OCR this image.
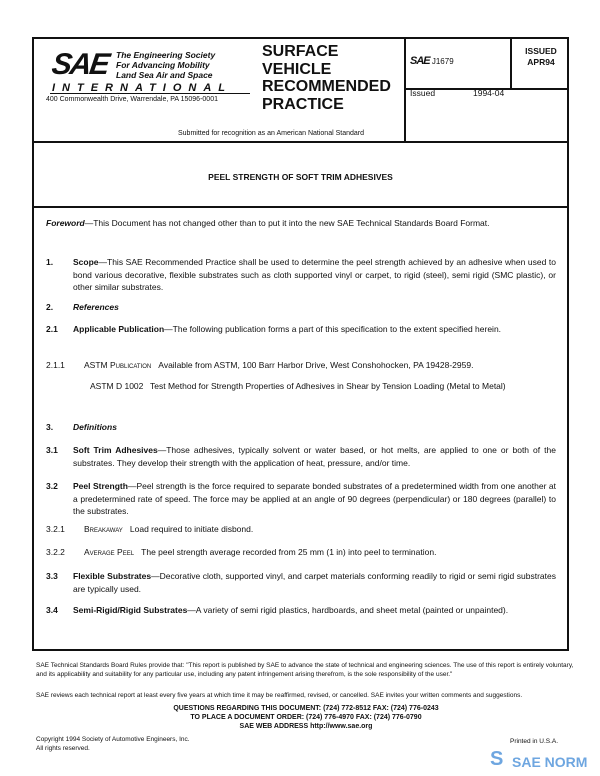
SAE The Engineering Society
For Advancing Mobility
Land Sea Air and Space
INTERNATIONAL
400 Commonwealth Drive, Warrendale, PA 15096-0001
SURFACE
VEHICLE
RECOMMENDED
PRACTICE
Submitted for recognition as an American National Standard
SAE J1679
ISSUED
APR94
Issued	1994-04
PEEL STRENGTH OF SOFT TRIM ADHESIVES
Foreword—This Document has not changed other than to put it into the new SAE Technical Standards Board Format.
1. Scope—This SAE Recommended Practice shall be used to determine the peel strength achieved by an adhesive when used to bond various decorative, flexible substrates such as cloth supported vinyl or carpet, to rigid (steel), semi rigid (SMC plastic), or other similar substrates.
2. References
2.1 Applicable Publication—The following publication forms a part of this specification to the extent specified herein.
2.1.1 ASTM Publication Available from ASTM, 100 Barr Harbor Drive, West Conshohocken, PA 19428-2959.
ASTM D 1002 Test Method for Strength Properties of Adhesives in Shear by Tension Loading (Metal to Metal)
3. Definitions
3.1 Soft Trim Adhesives—Those adhesives, typically solvent or water based, or hot melts, are applied to one or both of the substrates. They develop their strength with the application of heat, pressure, and/or time.
3.2 Peel Strength—Peel strength is the force required to separate bonded substrates of a predetermined width from one another at a predetermined rate of speed. The force may be applied at an angle of 90 degrees (perpendicular) or 180 degrees (parallel) to the substrates.
3.2.1 Breakaway Load required to initiate disbond.
3.2.2 Average Peel The peel strength average recorded from 25 mm (1 in) into peel to termination.
3.3 Flexible Substrates—Decorative cloth, supported vinyl, and carpet materials conforming readily to rigid or semi rigid substrates are typically used.
3.4 Semi-Rigid/Rigid Substrates—A variety of semi rigid plastics, hardboards, and sheet metal (painted or unpainted).
SAE Technical Standards Board Rules provide that: "This report is published by SAE to advance the state of technical and engineering sciences. The use of this report is entirely voluntary, and its applicability and suitability for any particular use, including any patent infringement arising therefrom, is the sole responsibility of the user."
SAE reviews each technical report at least every five years at which time it may be reaffirmed, revised, or cancelled. SAE invites your written comments and suggestions.
QUESTIONS REGARDING THIS DOCUMENT: (724) 772-8512 FAX: (724) 776-0243
TO PLACE A DOCUMENT ORDER: (724) 776-4970 FAX: (724) 776-0790
SAE WEB ADDRESS http://www.sae.org
Copyright 1994 Society of Automotive Engineers, Inc.
All rights reserved.
Printed in U.S.A.
S SAE NORM
